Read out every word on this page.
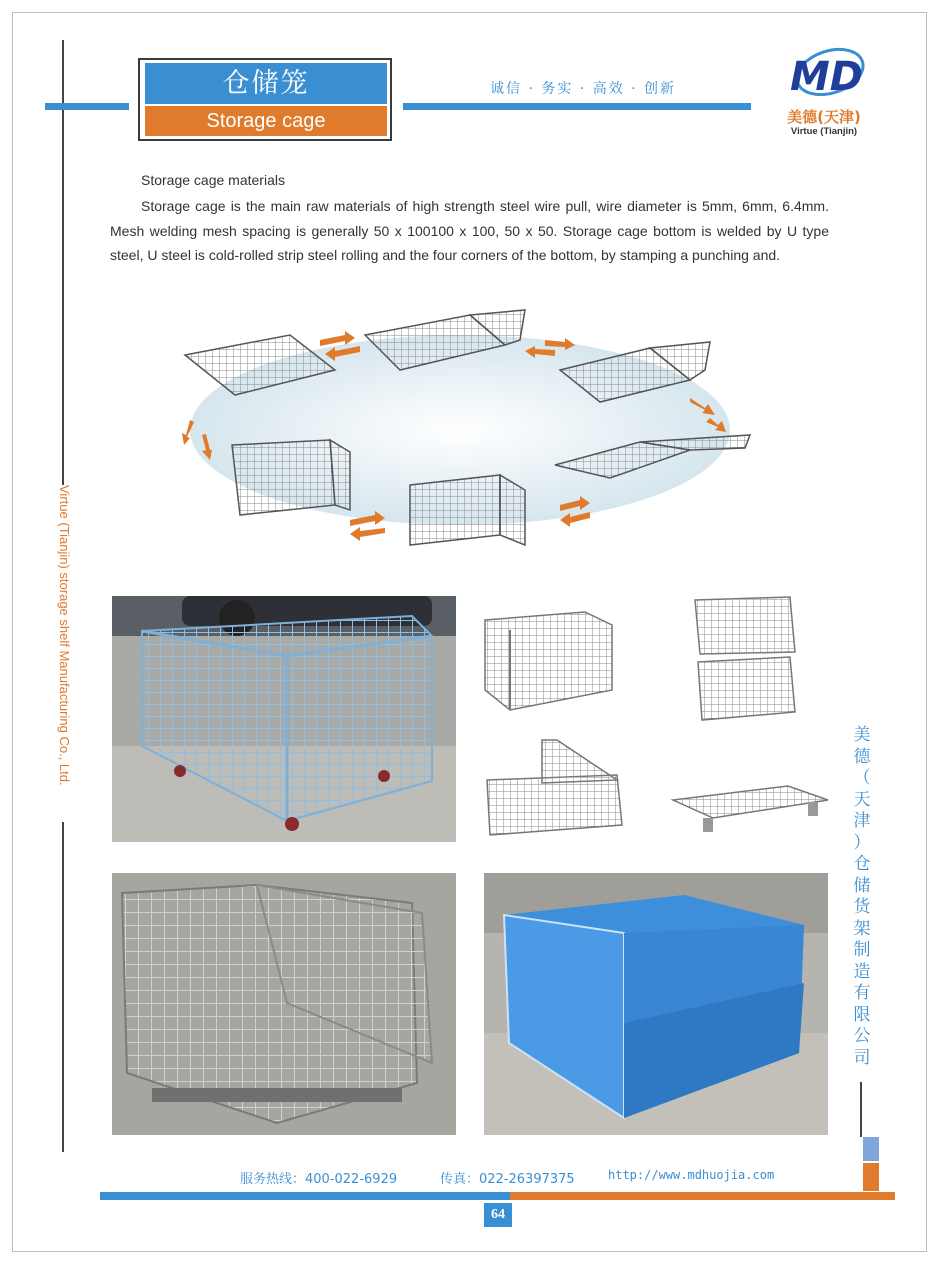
仓储笼
Storage cage
诚信 · 务实 · 高效 · 创新	MD
美德(天津)
Virtue (Tianjin)
Storage cage materials
Storage cage is the main raw materials of high strength steel wire pull, wire diameter is 5mm, 6mm, 6.4mm. Mesh welding mesh spacing is generally 50 x 100100 x 100, 50 x 50. Storage cage bottom is welded by U type steel, U steel is cold-rolled strip steel rolling and the four corners of the bottom, by stamping a punching and.
Virtue (Tianjin) storage shelf Manufacturing Co., Ltd.	美
德
（
天
津
）
仓
储
货
架
制
造
有
限
公
司
服务热线：400-022-6929	传真：022-26397375	http://www.mdhuojia.com
64
